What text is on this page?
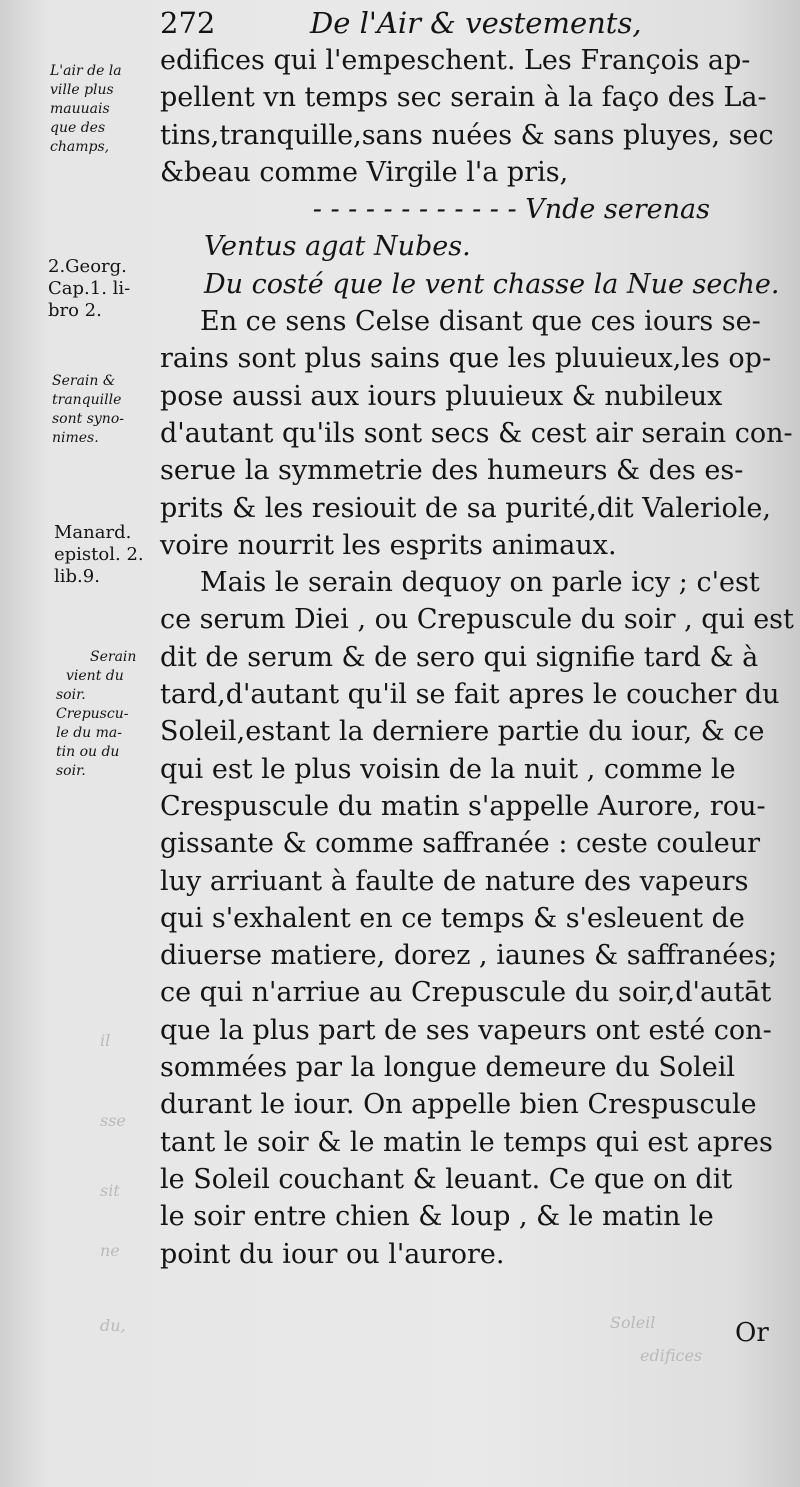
272	De l'Air & vestements,
il
sse
sit
ne
du,	Soleil
edifices
L'air de la
ville plus
mauuais
que des
champs,
2.Georg.
Cap.1. li-
bro 2.
Serain &
tranquille
sont syno-
nimes.
Manard.
epistol. 2.
lib.9.
Serain
vient du
soir.
Crepuscu-
le du ma-
tin ou du
soir.
edifices qui l'empeschent. Les François ap-
pellent vn temps sec serain à la faço des La-
tins,tranquille,sans nuées & sans pluyes, sec
&beau comme Virgile l'a pris,
- - - - - - - - - - - - Vnde serenas
Ventus agat Nubes.
Du costé que le vent chasse la Nue seche.
En ce sens Celse disant que ces iours se-
rains sont plus sains que les pluuieux,les op-
pose aussi aux iours pluuieux & nubileux
d'autant qu'ils sont secs & cest air serain con-
serue la symmetrie des humeurs & des es-
prits & les resiouit de sa purité,dit Valeriole,
voire nourrit les esprits animaux.
Mais le serain dequoy on parle icy ; c'est
ce serum Diei , ou Crepuscule du soir , qui est
dit de serum & de sero qui signifie tard & à
tard,d'autant qu'il se fait apres le coucher du
Soleil,estant la derniere partie du iour, & ce
qui est le plus voisin de la nuit , comme le
Crespuscule du matin s'appelle Aurore, rou-
gissante & comme saffranée : ceste couleur
luy arriuant à faulte de nature des vapeurs
qui s'exhalent en ce temps & s'esleuent de
diuerse matiere, dorez , iaunes & saffranées;
ce qui n'arriue au Crepuscule du soir,d'autāt
que la plus part de ses vapeurs ont esté con-
sommées par la longue demeure du Soleil
durant le iour. On appelle bien Crespuscule
tant le soir & le matin le temps qui est apres
le Soleil couchant & leuant. Ce que on dit
le soir entre chien & loup , & le matin le
point du iour ou l'aurore.
Or
